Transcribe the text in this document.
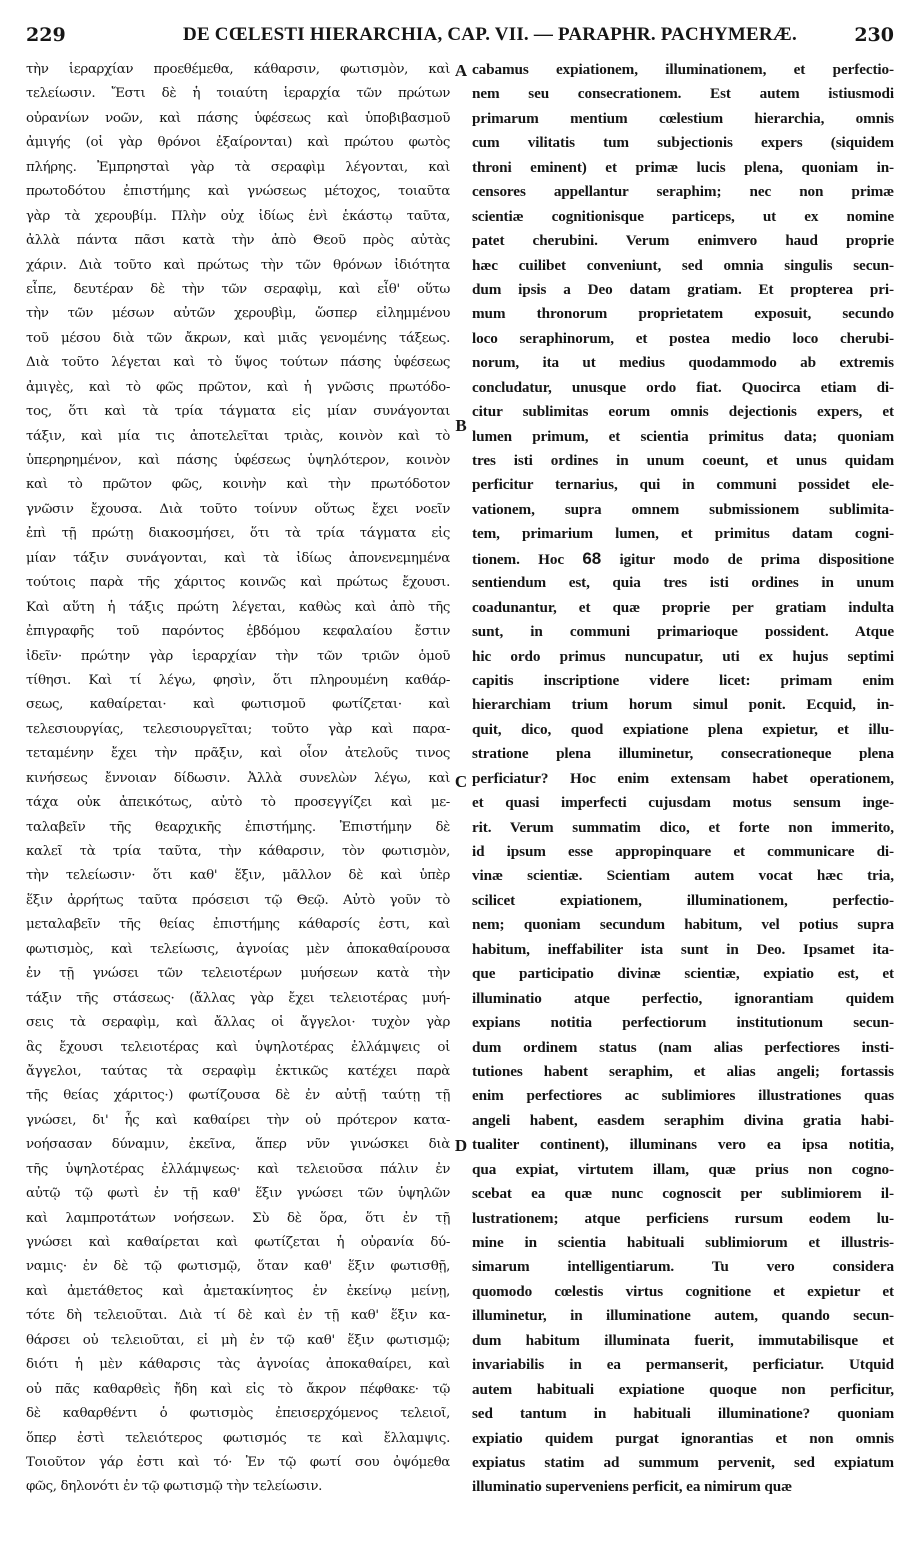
229	DE CŒLESTI HIERARCHIA, CAP. VII. — PARAPHR. PACHYMERÆ.	230
τὴν ἱεραρχίαν προεθέμεθα, κάθαρσιν, φωτισμὸν, καὶ
τελείωσιν. Ἔστι δὲ ἡ τοιαύτη ἱεραρχία τῶν πρώτων
οὐρανίων νοῶν, καὶ πάσης ὑφέσεως καὶ ὑποβιβασμοῦ
ἀμιγής (οἱ γὰρ θρόνοι ἐξαίρονται) καὶ πρώτου φωτὸς
πλήρης. Ἐμπρησταὶ γὰρ τὰ σεραφὶμ λέγονται, καὶ
πρωτοδότου ἐπιστήμης καὶ γνώσεως μέτοχος, τοιαῦτα
γὰρ τὰ χερουβίμ. Πλὴν οὐχ ἰδίως ἑνὶ ἑκάστῳ ταῦτα,
ἀλλὰ πάντα πᾶσι κατὰ τὴν ἀπὸ Θεοῦ πρὸς αὐτὰς
χάριν. Διὰ τοῦτο καὶ πρώτως τὴν τῶν θρόνων ἰδιότητα
εἶπε, δευτέραν δὲ τὴν τῶν σεραφὶμ, καὶ εἶθ' οὕτω
τὴν τῶν μέσων αὐτῶν χερουβὶμ, ὥσπερ εἰλημμένου
τοῦ μέσου διὰ τῶν ἄκρων, καὶ μιᾶς γενομένης τάξεως.
Διὰ τοῦτο λέγεται καὶ τὸ ὕψος τούτων πάσης ὑφέσεως
ἀμιγὲς, καὶ τὸ φῶς πρῶτον, καὶ ἡ γνῶσις πρωτόδο-
τος, ὅτι καὶ τὰ τρία τάγματα εἰς μίαν συνάγονται
τάξιν, καὶ μία τις ἀποτελεῖται τριὰς, κοινὸν καὶ τὸ
ὑπερηρημένον, καὶ πάσης ὑφέσεως ὑψηλότερον, κοινὸν
καὶ τὸ πρῶτον φῶς, κοινὴν καὶ τὴν πρωτόδοτον
γνῶσιν ἔχουσα. Διὰ τοῦτο τοίνυν οὕτως ἔχει νοεῖν
ἐπὶ τῇ πρώτῃ διακοσμήσει, ὅτι τὰ τρία τάγματα εἰς
μίαν τάξιν συνάγονται, καὶ τὰ ἰδίως ἀπονενεμημένα
τούτοις παρὰ τῆς χάριτος κοινῶς καὶ πρώτως ἔχουσι.
Καὶ αὕτη ἡ τάξις πρώτη λέγεται, καθὼς καὶ ἀπὸ τῆς
ἐπιγραφῆς τοῦ παρόντος ἑβδόμου κεφαλαίου ἔστιν
ἰδεῖν· πρώτην γὰρ ἱεραρχίαν τὴν τῶν τριῶν ὁμοῦ
τίθησι. Καὶ τί λέγω, φησὶν, ὅτι πληρουμένη καθάρ-
σεως, καθαίρεται· καὶ φωτισμοῦ φωτίζεται· καὶ
τελεσιουργίας, τελεσιουργεῖται; τοῦτο γὰρ καὶ παρα-
τεταμένην ἔχει τὴν πρᾶξιν, καὶ οἷον ἀτελοῦς τινος
κινήσεως ἔννοιαν δίδωσιν. Ἀλλὰ συνελὼν λέγω, καὶ
τάχα οὐκ ἀπεικότως, αὐτὸ τὸ προσεγγίζει καὶ με-
ταλαβεῖν τῆς θεαρχικῆς ἐπιστήμης. Ἐπιστήμην δὲ
καλεῖ τὰ τρία ταῦτα, τὴν κάθαρσιν, τὸν φωτισμὸν,
τὴν τελείωσιν· ὅτι καθ' ἕξιν, μᾶλλον δὲ καὶ ὑπὲρ
ἕξιν ἀρρήτως ταῦτα πρόσεισι τῷ Θεῷ. Αὐτὸ γοῦν τὸ
μεταλαβεῖν τῆς θείας ἐπιστήμης κάθαρσίς ἐστι, καὶ
φωτισμὸς, καὶ τελείωσις, ἀγνοίας μὲν ἀποκαθαίρουσα
ἐν τῇ γνώσει τῶν τελειοτέρων μυήσεων κατὰ τὴν
τάξιν τῆς στάσεως· (ἄλλας γὰρ ἔχει τελειοτέρας μυή-
σεις τὰ σεραφὶμ, καὶ ἄλλας οἱ ἄγγελοι· τυχὸν γὰρ
ἃς ἔχουσι τελειοτέρας καὶ ὑψηλοτέρας ἐλλάμψεις οἱ
ἄγγελοι, ταύτας τὰ σεραφὶμ ἐκτικῶς κατέχει παρὰ
τῆς θείας χάριτος·) φωτίζουσα δὲ ἐν αὐτῇ ταύτῃ τῇ
γνώσει, δι' ἧς καὶ καθαίρει τὴν οὐ πρότερον κατα-
νοήσασαν δύναμιν, ἐκεῖνα, ἅπερ νῦν γινώσκει διὰ
τῆς ὑψηλοτέρας ἐλλάμψεως· καὶ τελειοῦσα πάλιν ἐν
αὐτῷ τῷ φωτὶ ἐν τῇ καθ' ἕξιν γνώσει τῶν ὑψηλῶν
καὶ λαμπροτάτων νοήσεων. Σὺ δὲ ὅρα, ὅτι ἐν τῇ
γνώσει καὶ καθαίρεται καὶ φωτίζεται ἡ οὐρανία δύ-
ναμις· ἐν δὲ τῷ φωτισμῷ, ὅταν καθ' ἕξιν φωτισθῇ,
καὶ ἀμετάθετος καὶ ἀμετακίνητος ἐν ἐκείνῳ μείνῃ,
τότε δὴ τελειοῦται. Διὰ τί δὲ καὶ ἐν τῇ καθ' ἕξιν κα-
θάρσει οὐ τελειοῦται, εἰ μὴ ἐν τῷ καθ' ἕξιν φωτισμῷ;
διότι ἡ μὲν κάθαρσις τὰς ἀγνοίας ἀποκαθαίρει, καὶ
οὐ πᾶς καθαρθεὶς ἤδη καὶ εἰς τὸ ἄκρον πέφθακε· τῷ
δὲ καθαρθέντι ὁ φωτισμὸς ἐπεισερχόμενος τελειοῖ,
ὅπερ ἐστὶ τελειότερος φωτισμός τε καὶ ἔλλαμψις.
Τοιοῦτον γάρ ἐστι καὶ τό· Ἐν τῷ φωτί σου ὀψόμεθα
φῶς, δηλονότι ἐν τῷ φωτισμῷ τὴν τελείωσιν.
A
B
C
D
cabamus expiationem, illuminationem, et perfectio-
nem seu consecrationem. Est autem istiusmodi
primarum mentium cœlestium hierarchia, omnis
cum vilitatis tum subjectionis expers (siquidem
throni eminent) et primæ lucis plena, quoniam in-
censores appellantur seraphim; nec non primæ
scientiæ cognitionisque particeps, ut ex nomine
patet cherubini. Verum enimvero haud proprie
hæc cuilibet conveniunt, sed omnia singulis secun-
dum ipsis a Deo datam gratiam. Et propterea pri-
mum thronorum proprietatem exposuit, secundo
loco seraphinorum, et postea medio loco cherubi-
norum, ita ut medius quodammodo ab extremis
concludatur, unusque ordo fiat. Quocirca etiam di-
citur sublimitas eorum omnis dejectionis expers, et
lumen primum, et scientia primitus data; quoniam
tres isti ordines in unum coeunt, et unus quidam
perficitur ternarius, qui in communi possidet ele-
vationem, supra omnem submissionem sublimita-
tem, primarium lumen, et primitus datam cogni-
tionem. Hoc 68 igitur modo de prima dispositione
sentiendum est, quia tres isti ordines in unum
coadunantur, et quæ proprie per gratiam indulta
sunt, in communi primarioque possident. Atque
hic ordo primus nuncupatur, uti ex hujus septimi
capitis inscriptione videre licet: primam enim
hierarchiam trium horum simul ponit. Ecquid, in-
quit, dico, quod expiatione plena expietur, et illu-
stratione plena illuminetur, consecrationeque plena
perficiatur? Hoc enim extensam habet operationem,
et quasi imperfecti cujusdam motus sensum inge-
rit. Verum summatim dico, et forte non immerito,
id ipsum esse appropinquare et communicare di-
vinæ scientiæ. Scientiam autem vocat hæc tria,
scilicet expiationem, illuminationem, perfectio-
nem; quoniam secundum habitum, vel potius supra
habitum, ineffabiliter ista sunt in Deo. Ipsamet ita-
que participatio divinæ scientiæ, expiatio est, et
illuminatio atque perfectio, ignorantiam quidem
expians notitia perfectiorum institutionum secun-
dum ordinem status (nam alias perfectiores insti-
tutiones habent seraphim, et alias angeli; fortassis
enim perfectiores ac sublimiores illustrationes quas
angeli habent, easdem seraphim divina gratia habi-
tualiter continent), illuminans vero ea ipsa notitia,
qua expiat, virtutem illam, quæ prius non cogno-
scebat ea quæ nunc cognoscit per sublimiorem il-
lustrationem; atque perficiens rursum eodem lu-
mine in scientia habituali sublimiorum et illustris-
simarum intelligentiarum. Tu vero considera
quomodo cœlestis virtus cognitione et expietur et
illuminetur, in illuminatione autem, quando secun-
dum habitum illuminata fuerit, immutabilisque et
invariabilis in ea permanserit, perficiatur. Utquid
autem habituali expiatione quoque non perficitur,
sed tantum in habituali illuminatione? quoniam
expiatio quidem purgat ignorantias et non omnis
expiatus statim ad summum pervenit, sed expiatum
illuminatio superveniens perficit, ea nimirum quæ
